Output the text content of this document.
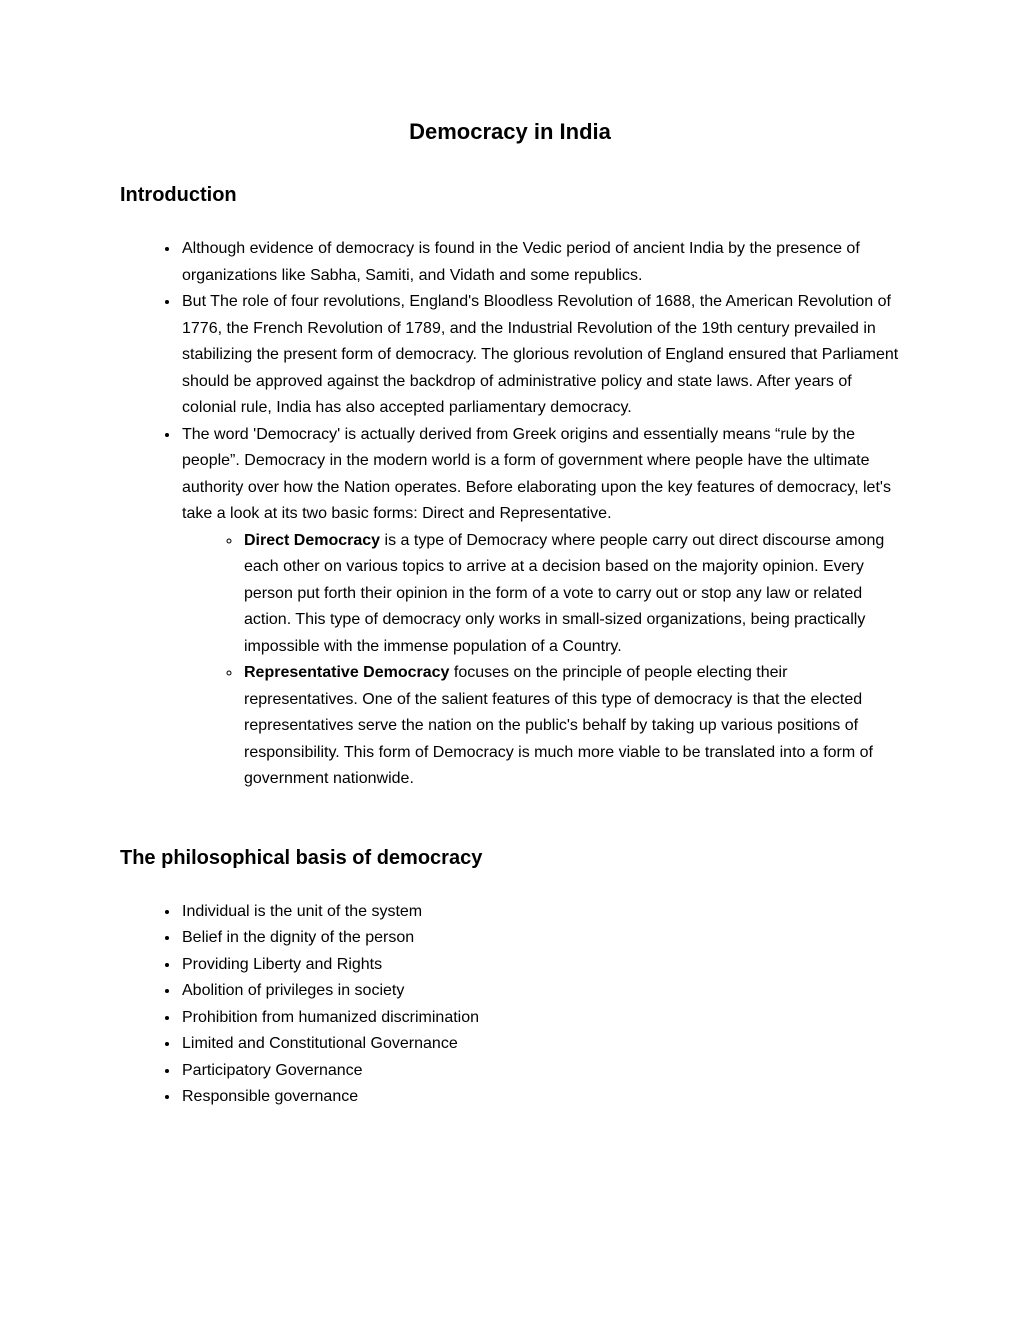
Democracy in India
Introduction
• Although evidence of democracy is found in the Vedic period of ancient India by the presence of organizations like Sabha, Samiti, and Vidath and some republics.
• But The role of four revolutions, England's Bloodless Revolution of 1688, the American Revolution of 1776, the French Revolution of 1789, and the Industrial Revolution of the 19th century prevailed in stabilizing the present form of democracy. The glorious revolution of England ensured that Parliament should be approved against the backdrop of administrative policy and state laws. After years of colonial rule, India has also accepted parliamentary democracy.
• The word 'Democracy' is actually derived from Greek origins and essentially means “rule by the people”. Democracy in the modern world is a form of government where people have the ultimate authority over how the Nation operates. Before elaborating upon the key features of democracy, let's take a look at its two basic forms: Direct and Representative.
◦ Direct Democracy is a type of Democracy where people carry out direct discourse among each other on various topics to arrive at a decision based on the majority opinion. Every person put forth their opinion in the form of a vote to carry out or stop any law or related action. This type of democracy only works in small-sized organizations, being practically impossible with the immense population of a Country.
◦ Representative Democracy focuses on the principle of people electing their representatives. One of the salient features of this type of democracy is that the elected representatives serve the nation on the public's behalf by taking up various positions of responsibility. This form of Democracy is much more viable to be translated into a form of government nationwide.
The philosophical basis of democracy
• Individual is the unit of the system
• Belief in the dignity of the person
• Providing Liberty and Rights
• Abolition of privileges in society
• Prohibition from humanized discrimination
• Limited and Constitutional Governance
• Participatory Governance
• Responsible governance
